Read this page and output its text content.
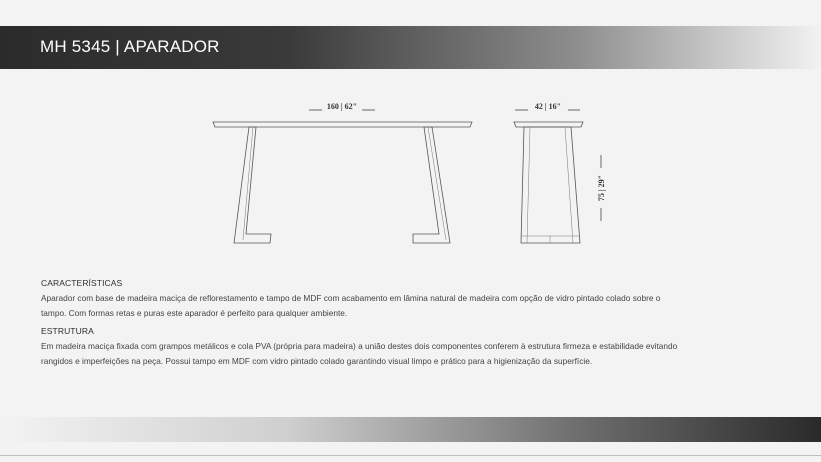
MH 5345 | APARADOR
160 | 62"	42 | 16"
75 | 29"
CARACTERÍSTICAS
Aparador com base de madeira maciça de reflorestamento e tampo de MDF com acabamento em lâmina natural de madeira com opção de vidro pintado colado sobre o
tampo. Com formas retas e puras este aparador é perfeito para qualquer ambiente.
ESTRUTURA
Em madeira maciça fixada com grampos metálicos e cola PVA (própria para madeira) a união destes dois componentes conferem à estrutura firmeza e estabilidade evitando
rangidos e imperfeições na peça. Possui tampo em MDF com vidro pintado colado garantindo visual limpo e prático para a higienização da superfície.
